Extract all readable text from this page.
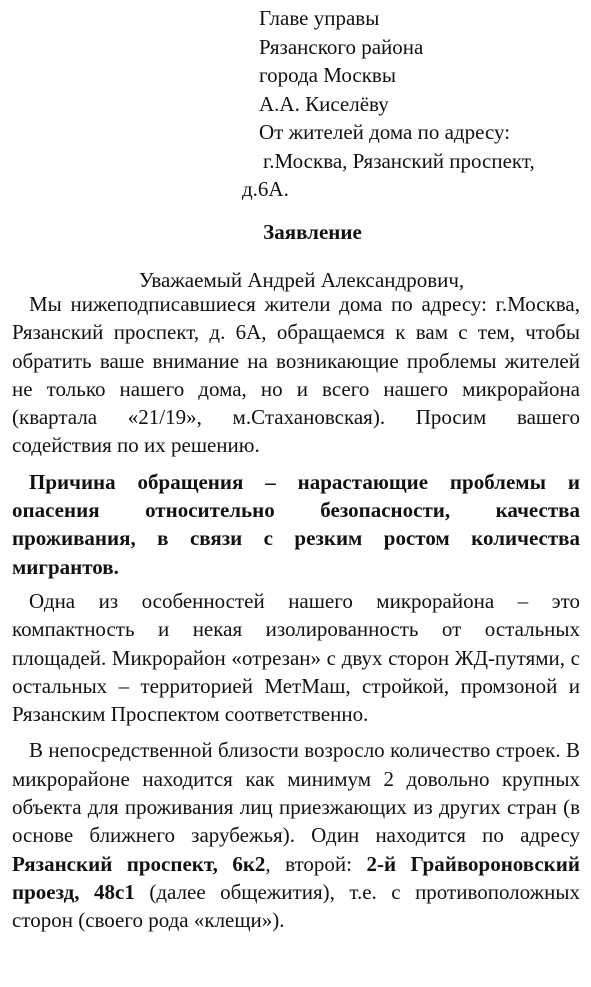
Главе управы
Рязанского района
города Москвы
А.А. Киселёву
От жителей дома по адресу:
г.Москва, Рязанский проспект,
д.6А.
Заявление
Уважаемый Андрей Александрович,

Мы нижеподписавшиеся жители дома по адресу: г.Москва, Рязанский проспект, д. 6А, обращаемся к вам с тем, чтобы обратить ваше внимание на возникающие проблемы жителей не только нашего дома, но и всего нашего микрорайона (квартала «21/19», м.Стахановская). Просим вашего содействия по их решению.

Причина обращения – нарастающие проблемы и опасения относительно безопасности, качества проживания, в связи с резким ростом количества мигрантов.

Одна из особенностей нашего микрорайона – это компактность и некая изолированность от остальных площадей. Микрорайон «отрезан» с двух сторон ЖД-путями, с остальных – территорией МетМаш, стройкой, промзоной и Рязанским Проспектом соответственно.

В непосредственной близости возросло количество строек. В микрорайоне находится как минимум 2 довольно крупных объекта для проживания лиц приезжающих из других стран (в основе ближнего зарубежья). Один находится по адресу Рязанский проспект, 6к2, второй: 2-й Грайвороновский проезд, 48с1 (далее общежития), т.е. с противоположных сторон (своего рода «клещи»).
